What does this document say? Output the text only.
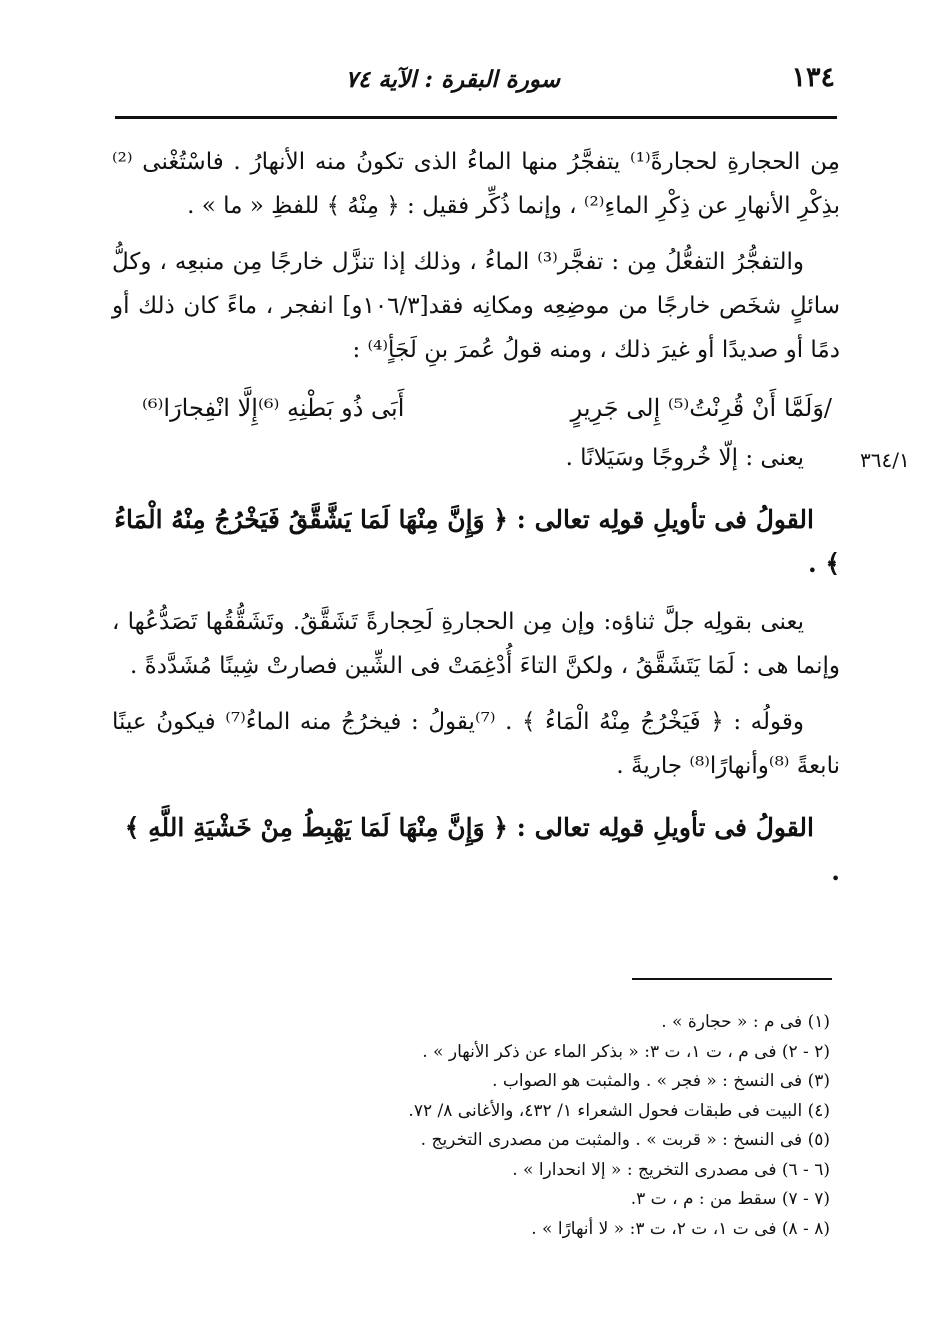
١٣٤
سورة البقرة : الآية ٧٤
٣٦٤/١

مِن الحجارةِ لحجارةً⁽¹⁾ يتفجَّرُ منها الماءُ الذى تكونُ منه الأنهارُ . فاسْتُغْنى ⁽²⁾بذِكْرِ الأنهارِ عن ذِكْرِ الماءِ⁽²⁾ ، وإنما ذُكِّر فقيل : ﴿ مِنْهُ ﴾ للفظِ « ما » .

والتفجُّرُ التفعُّلُ مِن : تفجَّر⁽³⁾ الماءُ ، وذلك إذا تنزَّل خارجًا مِن منبعِه ، وكلُّ سائلٍ شخَص خارجًا من موضِعِه ومكانِه فقد[١٠٦/٣و] انفجر ، ماءً كان ذلك أو دمًا أو صديدًا أو غيرَ ذلك ، ومنه قولُ عُمرَ بنِ لَجَأٍ⁽⁴⁾ :

/وَلَمَّا أَنْ قُرِنْتُ⁽⁵⁾ إِلى جَرِيرٍ
أَبَى ذُو بَطْنِهِ ⁽⁶⁾إِلَّا انْفِجارَا⁽⁶⁾

يعنى : إلّا خُروجًا وسَيَلانًا .

القولُ فى تأويلِ قولِه تعالى : ﴿ وَإِنَّ مِنْهَا لَمَا يَشَّقَّقُ فَيَخْرُجُ مِنْهُ الْمَاءُ ﴾ .

يعنى بقولِه جلَّ ثناؤه: وإن مِن الحجارةِ لَحِجارةً تَشَقَّقُ. وتَشَقُّقُها تَصَدُّعُها ، وإنما هى : لَمَا يَتَشَقَّقُ ، ولكنَّ التاءَ أُدْغِمَتْ فى الشِّين فصارتْ شِينًا مُشَدَّدةً .

وقولُه : ﴿ فَيَخْرُجُ مِنْهُ الْمَاءُ ﴾ . ⁽⁷⁾يقولُ : فيخرُجُ منه الماءُ⁽⁷⁾ فيكونُ عينًا نابعةً ⁽⁸⁾وأنهارًا⁽⁸⁾ جاريةً .

القولُ فى تأويلِ قولِه تعالى : ﴿ وَإِنَّ مِنْهَا لَمَا يَهْبِطُ مِنْ خَشْيَةِ اللَّهِ ﴾ .

(١) فى م : « حجارة » .
(٢ - ٢) فى م ، ت ١، ت ٣: « بذكر الماء عن ذكر الأنهار » .
(٣) فى النسخ : « فجر » . والمثبت هو الصواب .
(٤) البيت فى طبقات فحول الشعراء ١/ ٤٣٢، والأغانى ٨/ ٧٢.
(٥) فى النسخ : « قربت » . والمثبت من مصدرى التخريج .
(٦ - ٦) فى مصدرى التخريج : « إلا انحدارا » .
(٧ - ٧) سقط من : م ، ت ٣.
(٨ - ٨) فى ت ١، ت ٢، ت ٣: « لا أنهارًا » .
